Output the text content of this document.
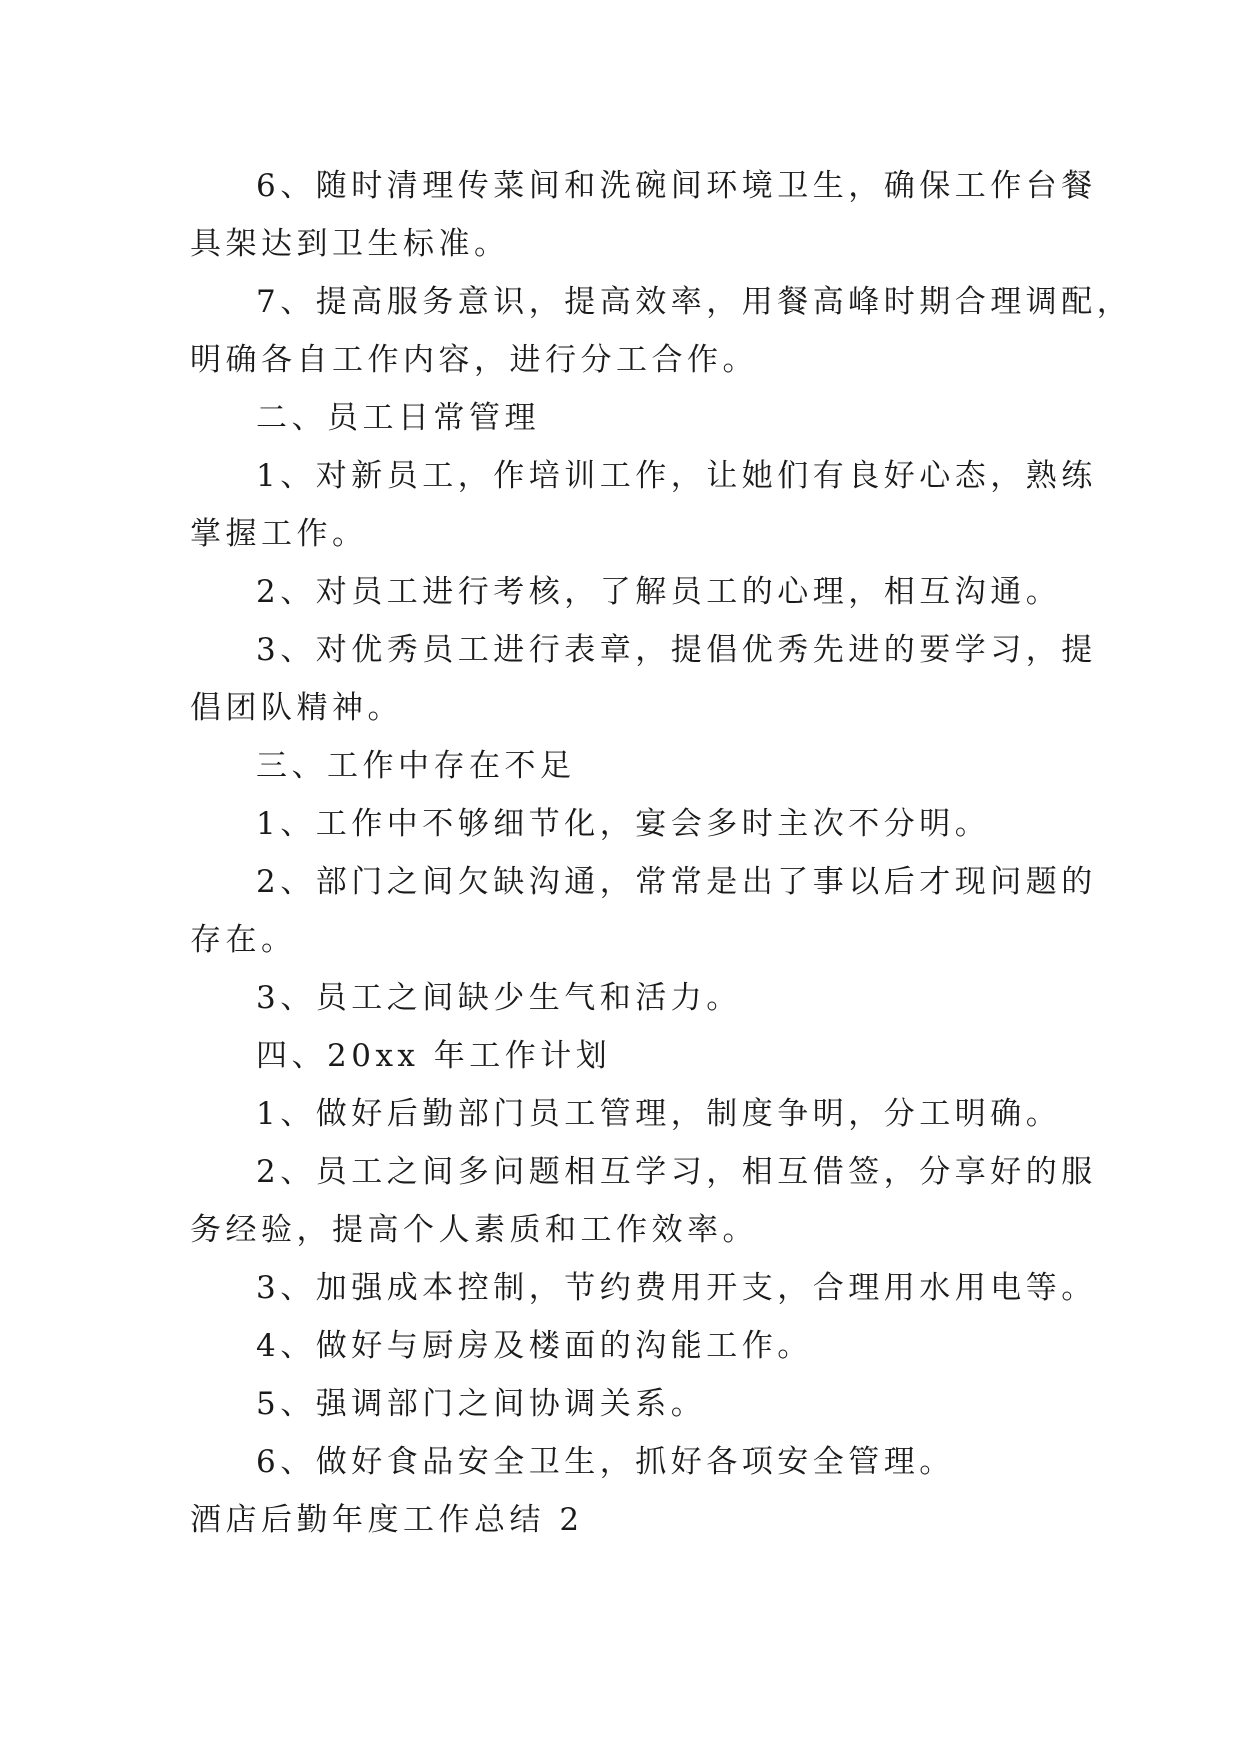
6、随时清理传菜间和洗碗间环境卫生，确保工作台餐
具架达到卫生标准。
7、提高服务意识，提高效率，用餐高峰时期合理调配，
明确各自工作内容，进行分工合作。
二、员工日常管理
1、对新员工，作培训工作，让她们有良好心态，熟练
掌握工作。
2、对员工进行考核，了解员工的心理，相互沟通。
3、对优秀员工进行表章，提倡优秀先进的要学习，提
倡团队精神。
三、工作中存在不足
1、工作中不够细节化，宴会多时主次不分明。
2、部门之间欠缺沟通，常常是出了事以后才现问题的
存在。
3、员工之间缺少生气和活力。
四、20xx 年工作计划
1、做好后勤部门员工管理，制度争明，分工明确。
2、员工之间多问题相互学习，相互借签，分享好的服
务经验，提高个人素质和工作效率。
3、加强成本控制，节约费用开支，合理用水用电等。
4、做好与厨房及楼面的沟能工作。
5、强调部门之间协调关系。
6、做好食品安全卫生，抓好各项安全管理。
酒店后勤年度工作总结 2
